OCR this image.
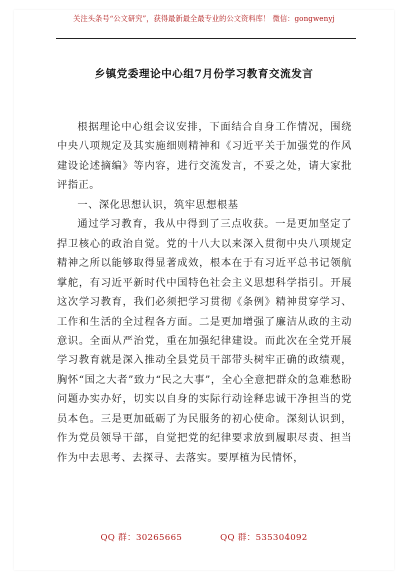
关注头条号“公文研究”，获得最新最全最专业的公文资料库！ 微信：gongwenyj
乡镇党委理论中心组7月份学习教育交流发言

根据理论中心组会议安排，下面结合自身工作情况，围绕中央八项规定及其实施细则精神和《习近平关于加强党的作风建设论述摘编》等内容，进行交流发言，不妥之处，请大家批评指正。

一、深化思想认识，筑牢思想根基

通过学习教育，我从中得到了三点收获。一是更加坚定了捍卫核心的政治自觉。党的十八大以来深入贯彻中央八项规定精神之所以能够取得显著成效，根本在于有习近平总书记领航掌舵，有习近平新时代中国特色社会主义思想科学指引。开展这次学习教育，我们必须把学习贯彻《条例》精神贯穿学习、工作和生活的全过程各方面。二是更加增强了廉洁从政的主动意识。全面从严治党，重在加强纪律建设。而此次在全党开展学习教育就是深入推动全县党员干部带头树牢正确的政绩观，胸怀“国之大者”致力“民之大事”，全心全意把群众的急难愁盼问题办实办好，切实以自身的实际行动诠释忠诚干净担当的党员本色。三是更加砥砺了为民服务的初心使命。深刻认识到，作为党员领导干部，自觉把党的纪律要求放到履职尽责、担当作为中去思考、去探寻、去落实。要厚植为民情怀，

QQ 群：30265665	QQ 群：535304092
